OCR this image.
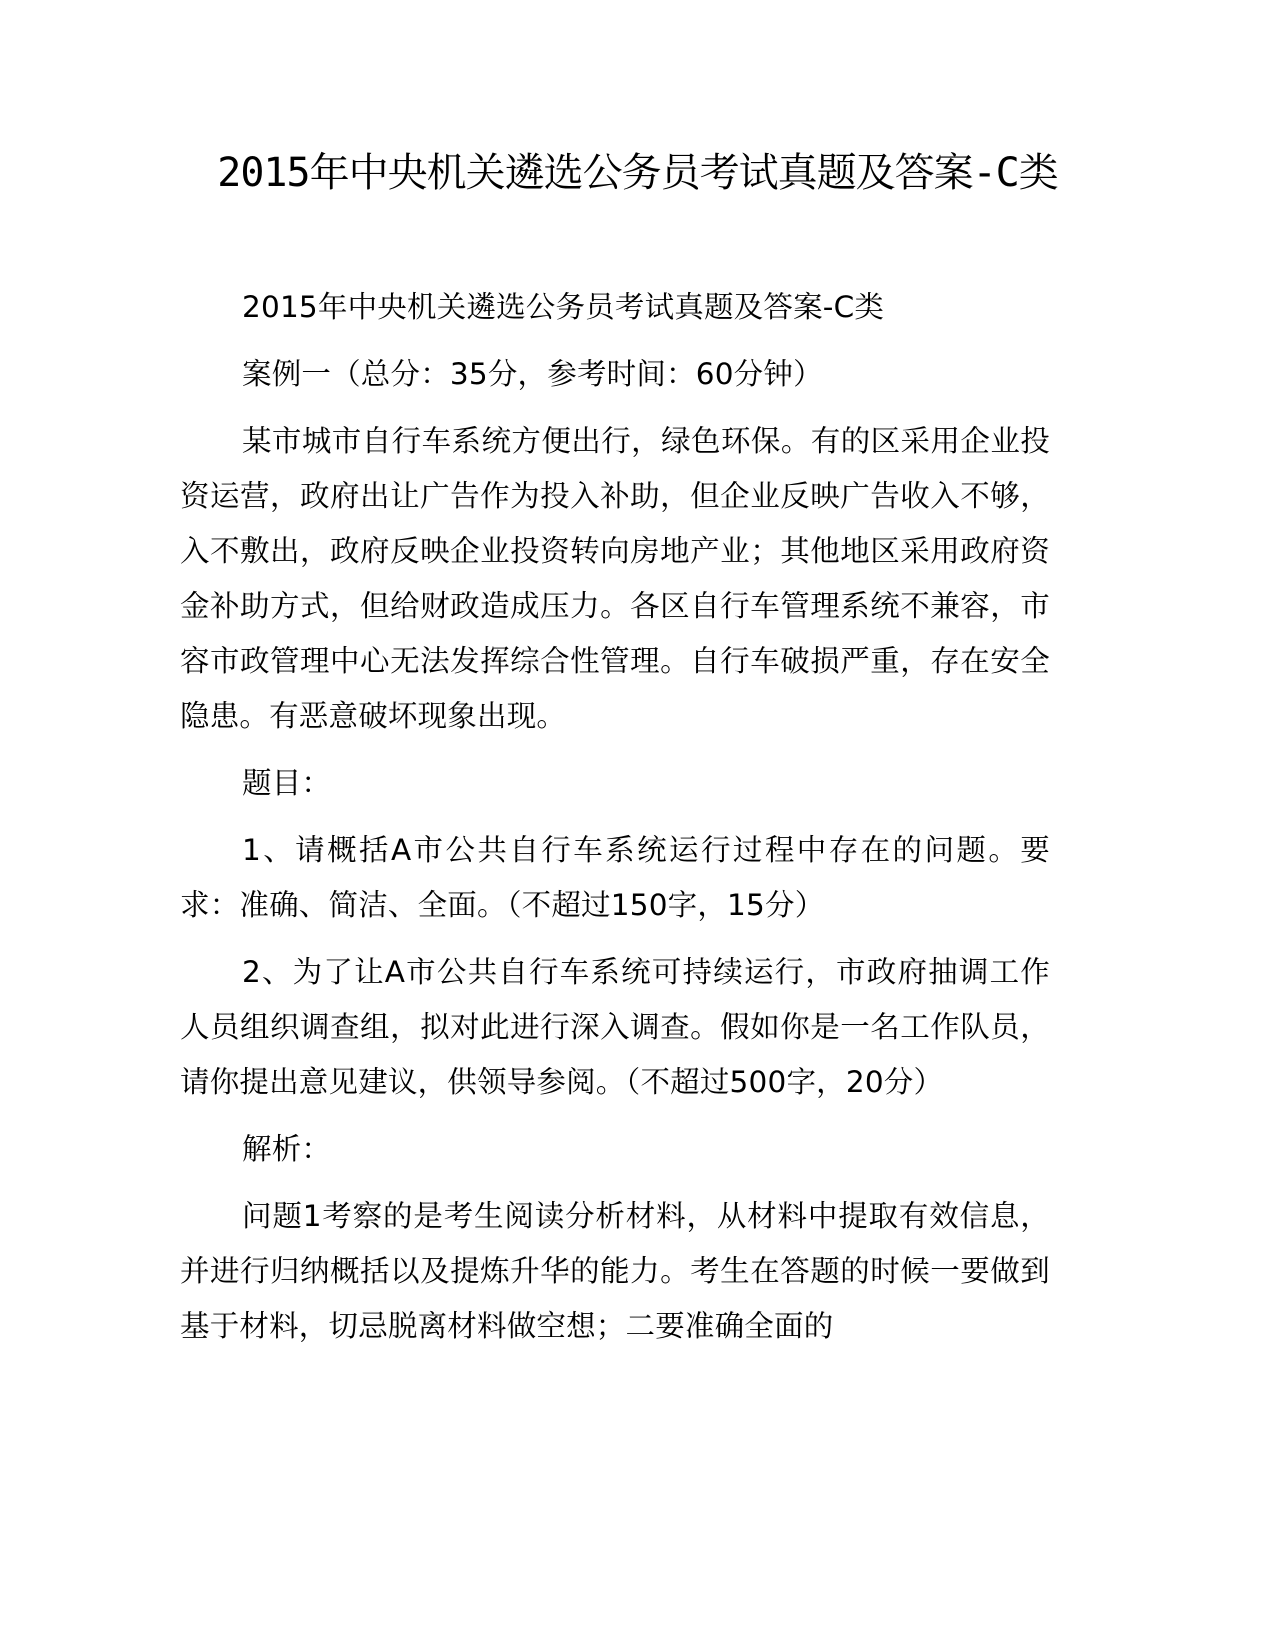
2015年中央机关遴选公务员考试真题及答案-C类

2015年中央机关遴选公务员考试真题及答案-C类

案例一（总分：35分，参考时间：60分钟）

某市城市自行车系统方便出行，绿色环保。有的区采用企业投资运营，政府出让广告作为投入补助，但企业反映广告收入不够，入不敷出，政府反映企业投资转向房地产业；其他地区采用政府资金补助方式，但给财政造成压力。各区自行车管理系统不兼容，市容市政管理中心无法发挥综合性管理。自行车破损严重，存在安全隐患。有恶意破坏现象出现。

题目：

1、请概括A市公共自行车系统运行过程中存在的问题。要求：准确、简洁、全面。（不超过150字，15分）

2、为了让A市公共自行车系统可持续运行，市政府抽调工作人员组织调查组，拟对此进行深入调查。假如你是一名工作队员，请你提出意见建议，供领导参阅。（不超过500字，20分）

解析：

问题1考察的是考生阅读分析材料，从材料中提取有效信息，并进行归纳概括以及提炼升华的能力。考生在答题的时候一要做到基于材料，切忌脱离材料做空想；二要准确全面的
